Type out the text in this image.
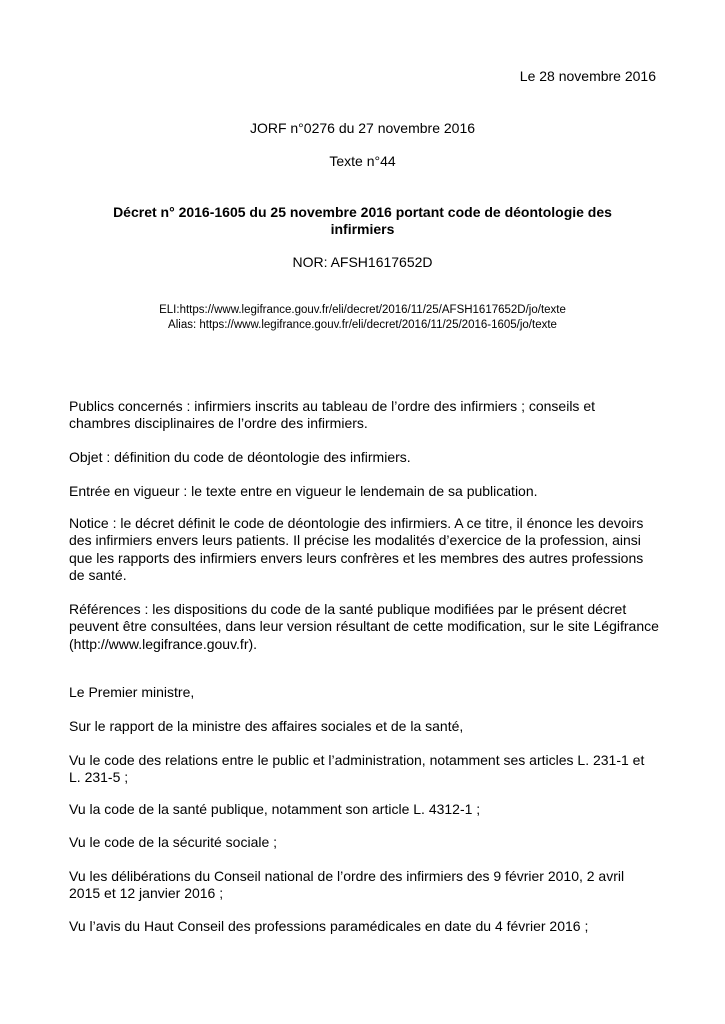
Le 28 novembre 2016
JORF n°0276 du 27 novembre 2016
Texte n°44
Décret n° 2016-1605 du 25 novembre 2016 portant code de déontologie des infirmiers
NOR: AFSH1617652D
ELI:https://www.legifrance.gouv.fr/eli/decret/2016/11/25/AFSH1617652D/jo/texte
Alias: https://www.legifrance.gouv.fr/eli/decret/2016/11/25/2016-1605/jo/texte

Publics concernés : infirmiers inscrits au tableau de l’ordre des infirmiers ; conseils et chambres disciplinaires de l’ordre des infirmiers.

Objet : définition du code de déontologie des infirmiers.

Entrée en vigueur : le texte entre en vigueur le lendemain de sa publication.

Notice : le décret définit le code de déontologie des infirmiers. A ce titre, il énonce les devoirs des infirmiers envers leurs patients. Il précise les modalités d’exercice de la profession, ainsi que les rapports des infirmiers envers leurs confrères et les membres des autres professions de santé.

Références : les dispositions du code de la santé publique modifiées par le présent décret peuvent être consultées, dans leur version résultant de cette modification, sur le site Légifrance (http://www.legifrance.gouv.fr).

Le Premier ministre,

Sur le rapport de la ministre des affaires sociales et de la santé,

Vu le code des relations entre le public et l’administration, notamment ses articles L. 231-1 et L. 231-5 ;

Vu la code de la santé publique, notamment son article L. 4312-1 ;

Vu le code de la sécurité sociale ;

Vu les délibérations du Conseil national de l’ordre des infirmiers des 9 février 2010, 2 avril 2015 et 12 janvier 2016 ;

Vu l’avis du Haut Conseil des professions paramédicales en date du 4 février 2016 ;
